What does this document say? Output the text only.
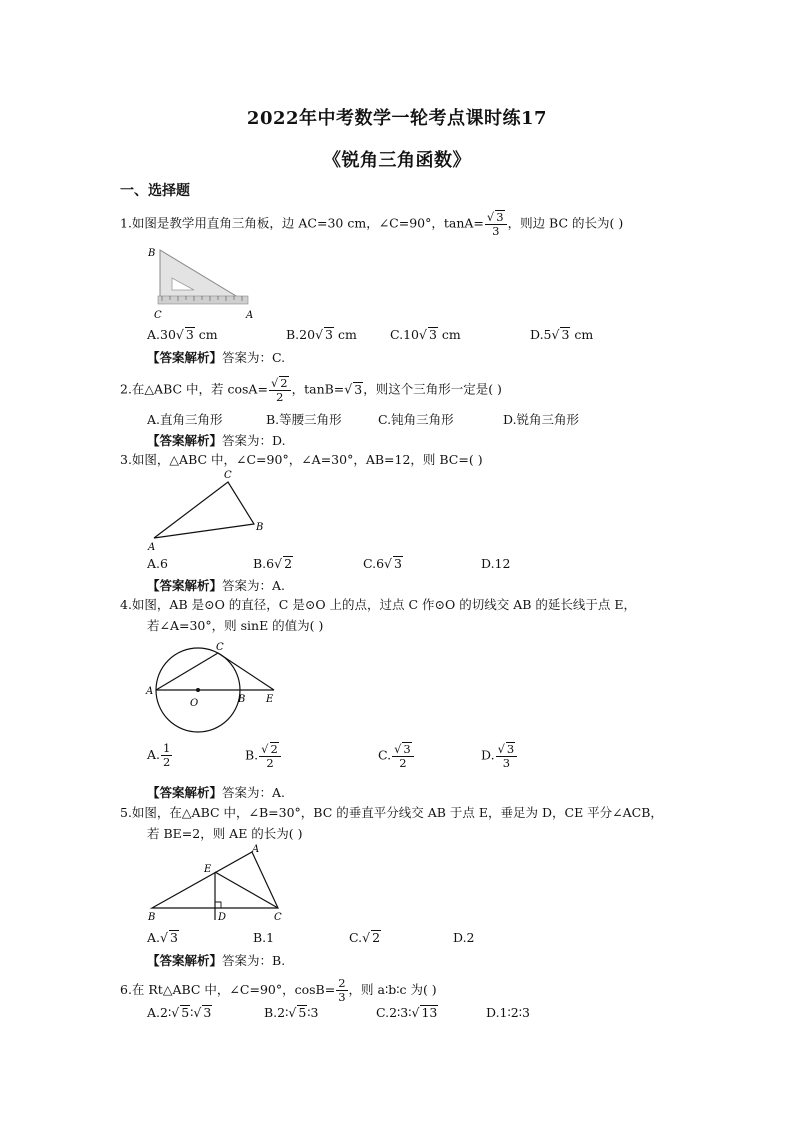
2022年中考数学一轮考点课时练17
《锐角三角函数》
一、选择题
1.如图是教学用直角三角板，边 AC=30 cm，∠C=90°，$\tan A= \frac{√ 3}{3}$ ，则边 BC 的长为( )
B
C	A
A.30√ 3 cm	B.20√ 3 cm	C.10√ 3 cm	D.5√ 3 cm
【答案解析】答案为：C.
2.在△ABC 中，若 $\cos A= \frac{√ 2}{2}$ ，tanB=√ 3，则这个三角形一定是( )
A.直角三角形	B.等腰三角形	C.钝角三角形	D.锐角三角形
【答案解析】答案为：D.
3.如图，△ABC 中，∠C=90°，∠A=30°，AB=12，则 BC=( )
C
B
A
A.6	B.6√ 2	C.6√ 3	D.12
【答案解析】答案为：A.
4.如图，AB 是⊙O 的直径，C 是⊙O 上的点，过点 C 作⊙O 的切线交 AB 的延长线于点 E，
若∠A=30°，则 sinE 的值为( )
C
A
O	B E
A. $\frac{1}{2}$	B. $\frac{√ 2}{2}$	C. $\frac{√ 3}{2}$	D. $\frac{√ 3}{3}$
【答案解析】答案为：A.
5.如图，在△ABC 中，∠B=30°，BC 的垂直平分线交 AB 于点 E，垂足为 D，CE 平分∠ACB，
若 BE=2，则 AE 的长为( )
A
E
B	D	C
A.√ 3	B.1	C.√ 2	D.2
【答案解析】答案为：B.
6.在 Rt△ABC 中，∠C=90°，$\cos B= \frac{2}{3}$ ，则 a∶b∶c 为( )
A.2∶√ 5∶√ 3	B.2∶√ 5∶3	C.2∶3∶√ 13	D.1∶2∶3
